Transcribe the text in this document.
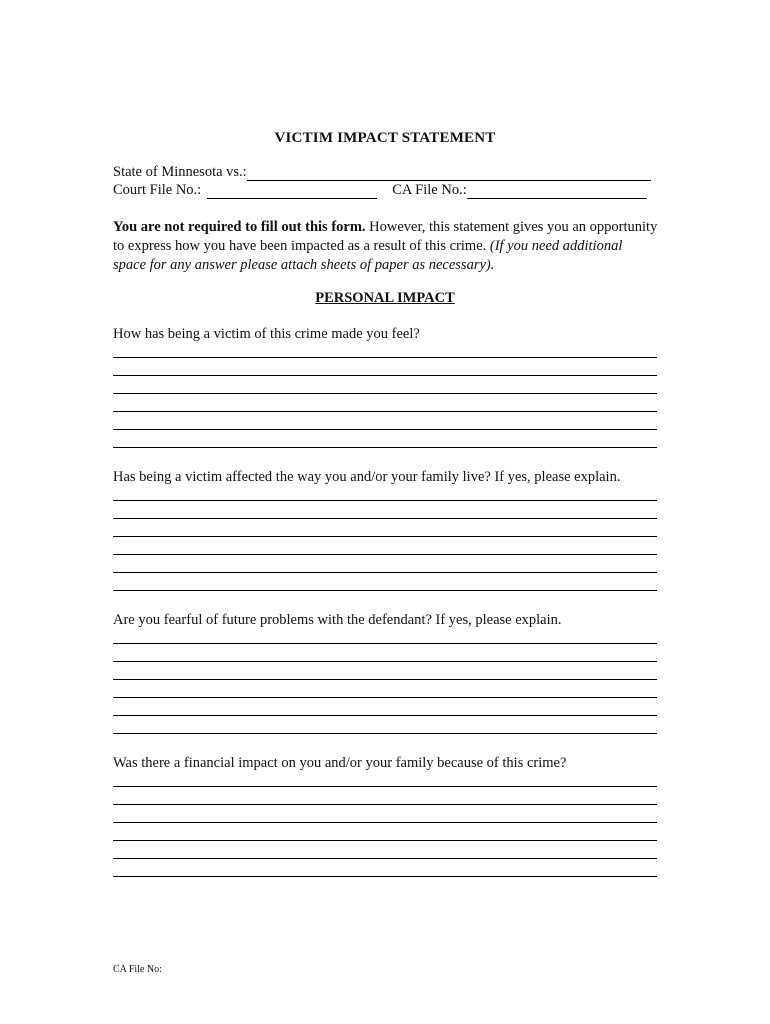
VICTIM IMPACT STATEMENT
State of Minnesota vs.:
Court File No.:	CA File No.:
You are not required to fill out this form. However, this statement gives you an opportunity to express how you have been impacted as a result of this crime. (If you need additional space for any answer please attach sheets of paper as necessary).
PERSONAL IMPACT
How has being a victim of this crime made you feel?
Has being a victim affected the way you and/or your family live? If yes, please explain.
Are you fearful of future problems with the defendant? If yes, please explain.
Was there a financial impact on you and/or your family because of this crime?
CA File No:
